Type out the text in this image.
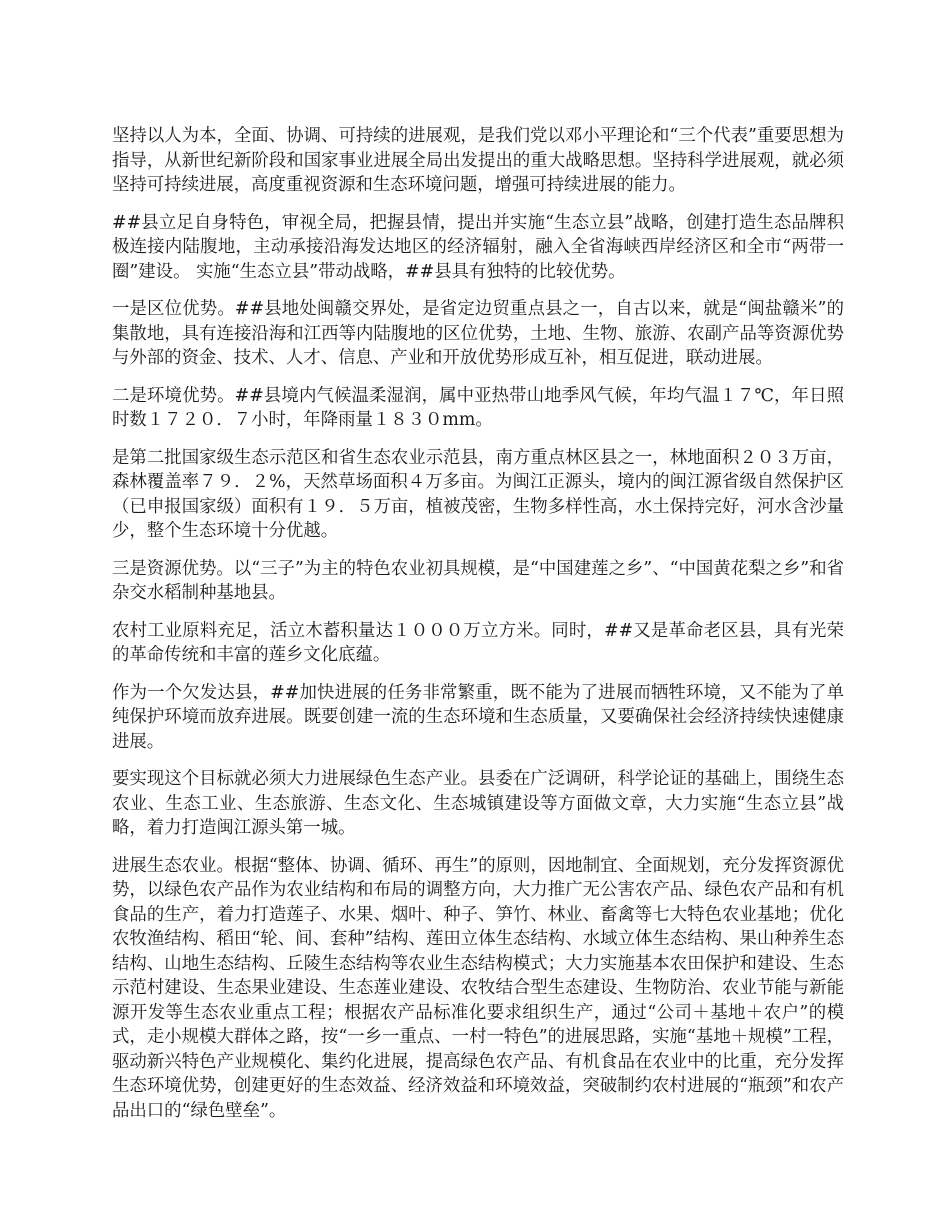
坚持以人为本，全面、协调、可持续的进展观，是我们党以邓小平理论和“三个代表”重要思想为指导，从新世纪新阶段和国家事业进展全局出发提出的重大战略思想。坚持科学进展观，就必须坚持可持续进展，高度重视资源和生态环境问题，增强可持续进展的能力。

##县立足自身特色，审视全局，把握县情，提出并实施“生态立县”战略，创建打造生态品牌积极连接内陆腹地，主动承接沿海发达地区的经济辐射，融入全省海峡西岸经济区和全市“两带一圈”建设。 实施“生态立县”带动战略，##县具有独特的比较优势。

一是区位优势。##县地处闽赣交界处，是省定边贸重点县之一，自古以来，就是“闽盐赣米”的集散地，具有连接沿海和江西等内陆腹地的区位优势，土地、生物、旅游、农副产品等资源优势与外部的资金、技术、人才、信息、产业和开放优势形成互补，相互促进，联动进展。

二是环境优势。##县境内气候温柔湿润，属中亚热带山地季风气候，年均气温１７℃，年日照时数１７２０．７小时，年降雨量１８３０mm。

是第二批国家级生态示范区和省生态农业示范县，南方重点林区县之一，林地面积２０３万亩，森林覆盖率７９．２%，天然草场面积４万多亩。为闽江正源头，境内的闽江源省级自然保护区（已申报国家级）面积有１９．５万亩，植被茂密，生物多样性高，水土保持完好，河水含沙量少，整个生态环境十分优越。

三是资源优势。以“三子”为主的特色农业初具规模，是“中国建莲之乡”、“中国黄花梨之乡”和省杂交水稻制种基地县。

农村工业原料充足，活立木蓄积量达１０００万立方米。同时，##又是革命老区县，具有光荣的革命传统和丰富的莲乡文化底蕴。

作为一个欠发达县，##加快进展的任务非常繁重，既不能为了进展而牺牲环境，又不能为了单纯保护环境而放弃进展。既要创建一流的生态环境和生态质量，又要确保社会经济持续快速健康进展。

要实现这个目标就必须大力进展绿色生态产业。县委在广泛调研，科学论证的基础上，围绕生态农业、生态工业、生态旅游、生态文化、生态城镇建设等方面做文章，大力实施“生态立县”战略，着力打造闽江源头第一城。

进展生态农业。根据“整体、协调、循环、再生”的原则，因地制宜、全面规划，充分发挥资源优势，以绿色农产品作为农业结构和布局的调整方向，大力推广无公害农产品、绿色农产品和有机食品的生产，着力打造莲子、水果、烟叶、种子、笋竹、林业、畜禽等七大特色农业基地；优化农牧渔结构、稻田“轮、间、套种”结构、莲田立体生态结构、水域立体生态结构、果山种养生态结构、山地生态结构、丘陵生态结构等农业生态结构模式；大力实施基本农田保护和建设、生态示范村建设、生态果业建设、生态莲业建设、农牧结合型生态建设、生物防治、农业节能与新能源开发等生态农业重点工程；根据农产品标准化要求组织生产，通过“公司＋基地＋农户”的模式，走小规模大群体之路，按“一乡一重点、一村一特色”的进展思路，实施“基地＋规模”工程，驱动新兴特色产业规模化、集约化进展，提高绿色农产品、有机食品在农业中的比重，充分发挥生态环境优势，创建更好的生态效益、经济效益和环境效益，突破制约农村进展的“瓶颈”和农产品出口的“绿色壁垒”。
